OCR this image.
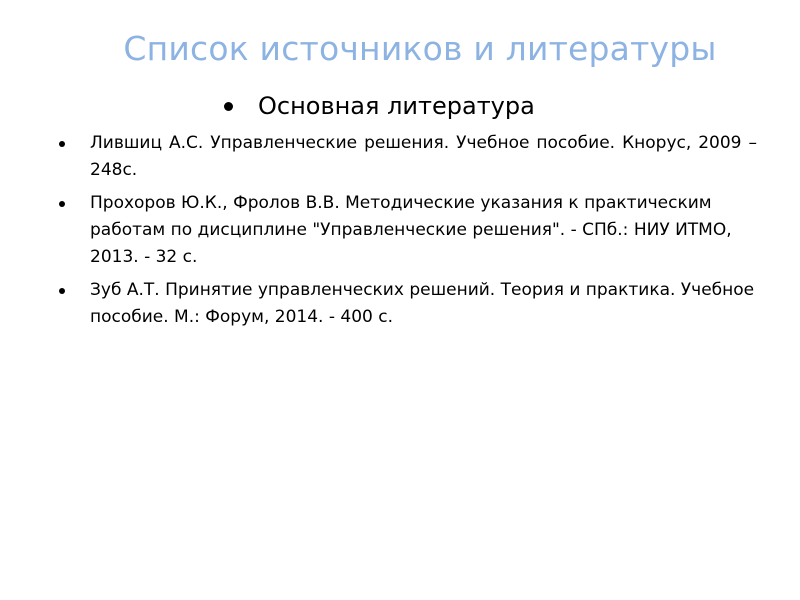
Список источников и литературы
Основная литература
Лившиц А.С. Управленческие решения. Учебное пособие. Кнорус, 2009 – 248с.
Прохоров Ю.К., Фролов В.В. Методические указания к практическим работам по дисциплине "Управленческие решения". - СПб.: НИУ ИТМО, 2013. - 32 с.
Зуб А.Т. Принятие управленческих решений. Теория и практика. Учебное пособие. М.: Форум, 2014. - 400 с.
